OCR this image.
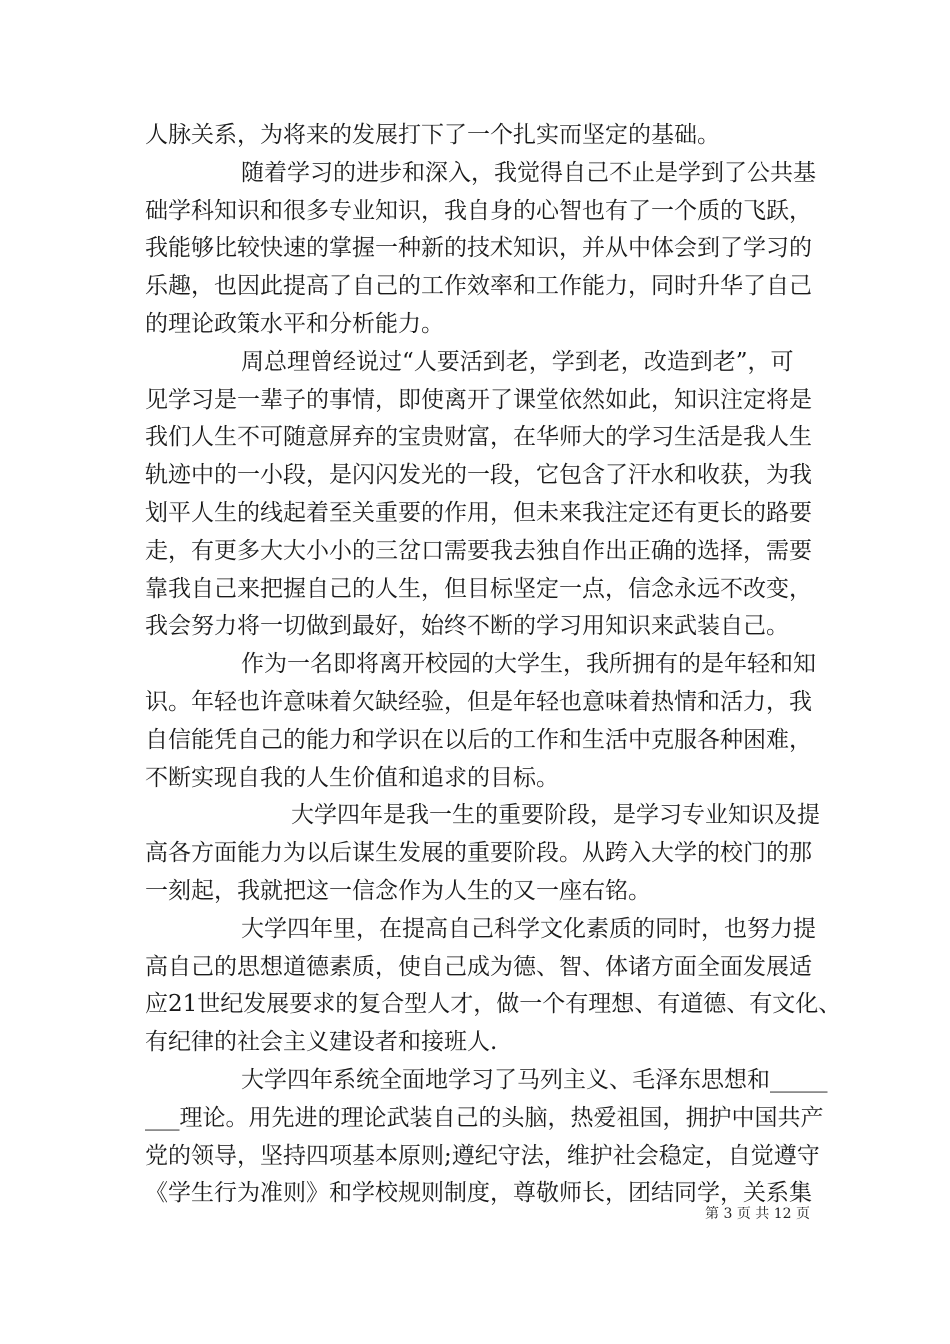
人脉关系，为将来的发展打下了一个扎实而坚定的基础。

随着学习的进步和深入，我觉得自己不止是学到了公共基
础学科知识和很多专业知识，我自身的心智也有了一个质的飞跃，
我能够比较快速的掌握一种新的技术知识，并从中体会到了学习的
乐趣，也因此提高了自己的工作效率和工作能力，同时升华了自己
的理论政策水平和分析能力。

周总理曾经说过“人要活到老，学到老，改造到老”，可
见学习是一辈子的事情，即使离开了课堂依然如此，知识注定将是
我们人生不可随意屏弃的宝贵财富，在华师大的学习生活是我人生
轨迹中的一小段，是闪闪发光的一段，它包含了汗水和收获，为我
划平人生的线起着至关重要的作用，但未来我注定还有更长的路要
走，有更多大大小小的三岔口需要我去独自作出正确的选择，需要
靠我自己来把握自己的人生，但目标坚定一点，信念永远不改变，
我会努力将一切做到最好，始终不断的学习用知识来武装自己。

作为一名即将离开校园的大学生，我所拥有的是年轻和知
识。年轻也许意味着欠缺经验，但是年轻也意味着热情和活力，我
自信能凭自己的能力和学识在以后的工作和生活中克服各种困难，
不断实现自我的人生价值和追求的目标。

大学四年是我一生的重要阶段，是学习专业知识及提
高各方面能力为以后谋生发展的重要阶段。从跨入大学的校门的那
一刻起，我就把这一信念作为人生的又一座右铭。

大学四年里，在提高自己科学文化素质的同时，也努力提
高自己的思想道德素质，使自己成为德、智、体诸方面全面发展适
应21世纪发展要求的复合型人才，做一个有理想、有道德、有文化、
有纪律的社会主义建设者和接班人.

大学四年系统全面地学习了马列主义、毛泽东思想和_____
___理论。用先进的理论武装自己的头脑，热爱祖国，拥护中国共产
党的领导，坚持四项基本原则;遵纪守法，维护社会稳定，自觉遵守
《学生行为准则》和学校规则制度，尊敬师长，团结同学，关系集

第 3 页 共 12 页
